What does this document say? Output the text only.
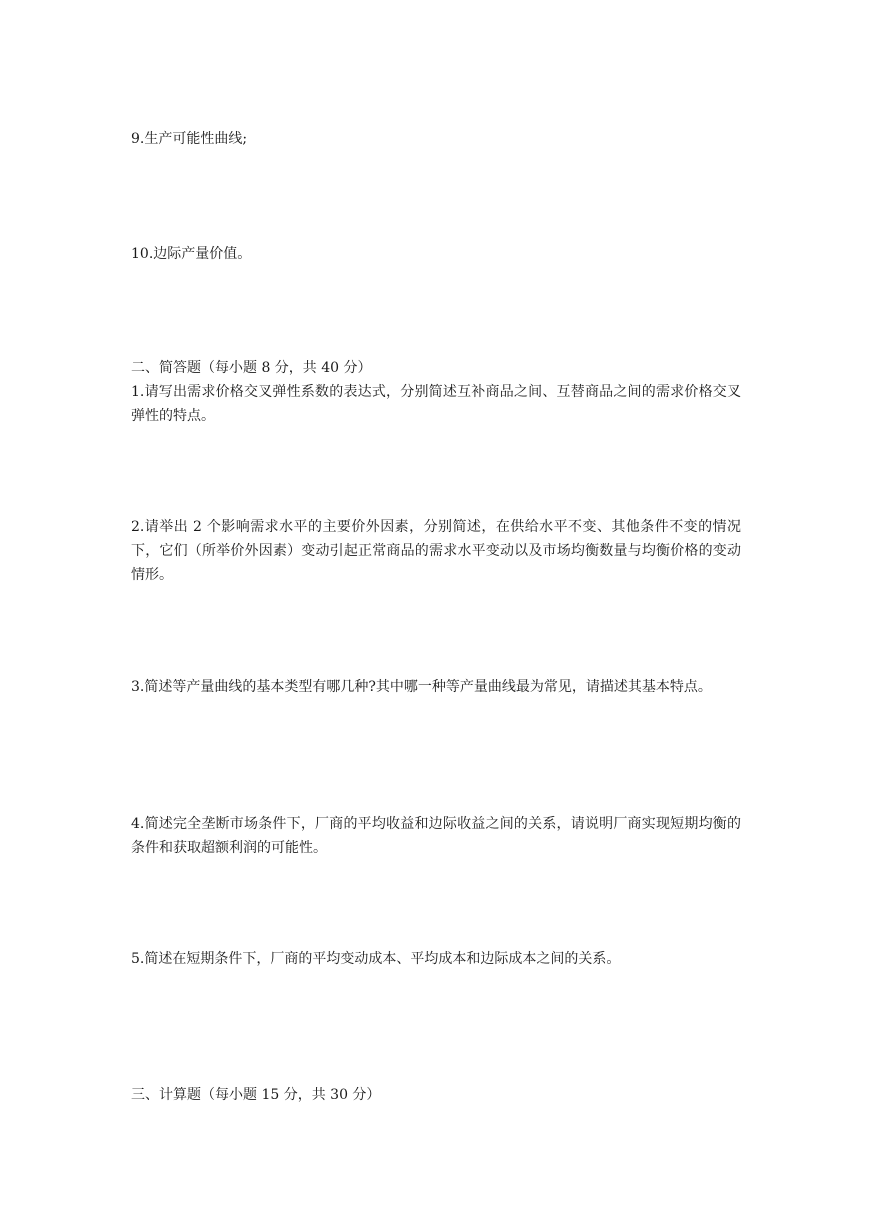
9.生产可能性曲线;

10.边际产量价值。

二、简答题（每小题 8 分，共 40 分）

1.请写出需求价格交叉弹性系数的表达式，分别简述互补商品之间、互替商品之间的需求价格交叉弹性的特点。

2.请举出 2 个影响需求水平的主要价外因素，分别简述，在供给水平不变、其他条件不变的情况下，它们（所举价外因素）变动引起正常商品的需求水平变动以及市场均衡数量与均衡价格的变动情形。

3.简述等产量曲线的基本类型有哪几种?其中哪一种等产量曲线最为常见，请描述其基本特点。

4.简述完全垄断市场条件下，厂商的平均收益和边际收益之间的关系，请说明厂商实现短期均衡的条件和获取超额利润的可能性。

5.简述在短期条件下，厂商的平均变动成本、平均成本和边际成本之间的关系。

三、计算题（每小题 15 分，共 30 分）
